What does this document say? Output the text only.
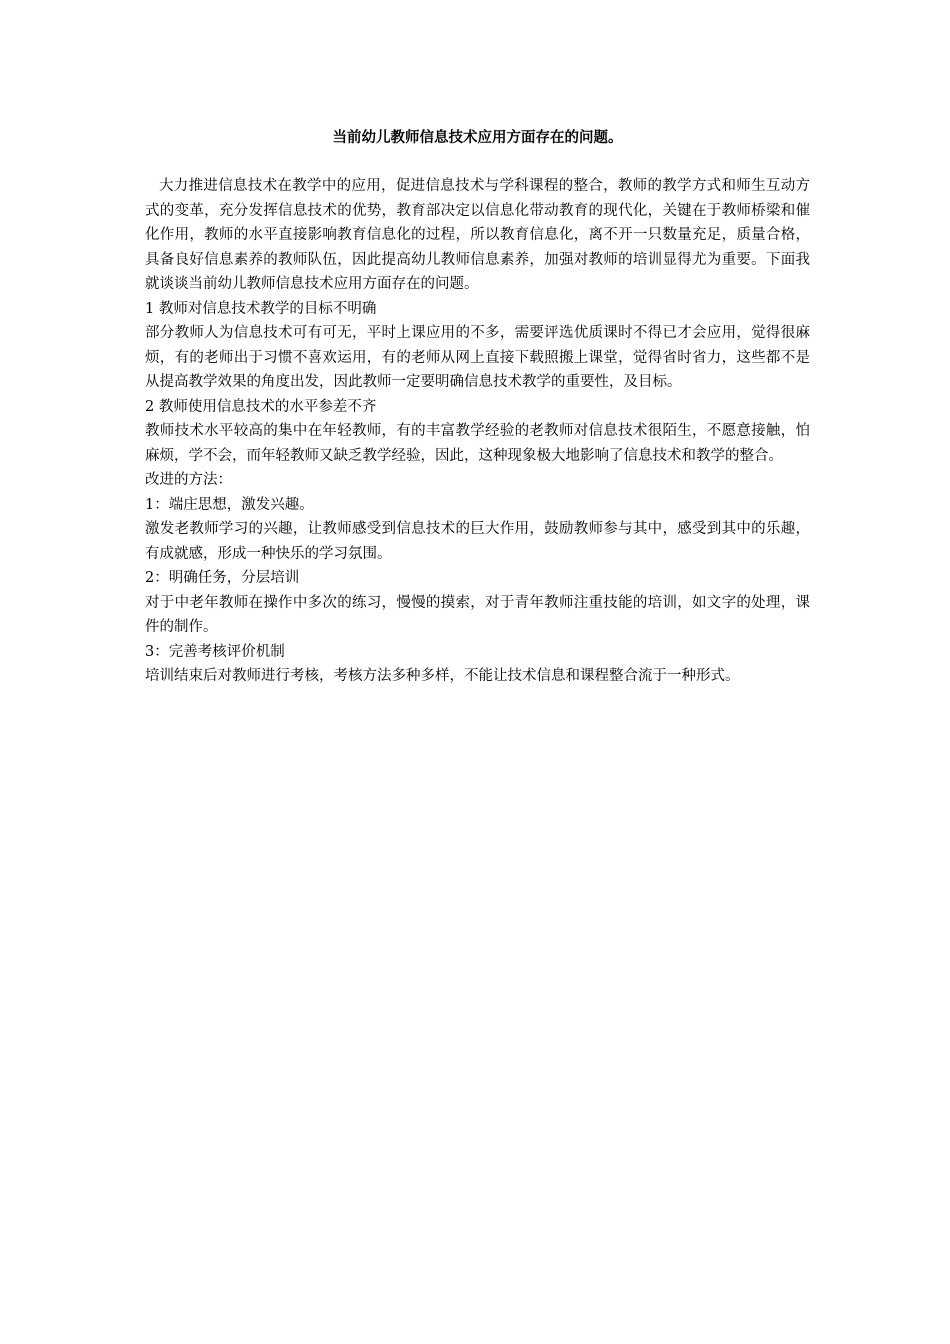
当前幼儿教师信息技术应用方面存在的问题。

大力推进信息技术在教学中的应用，促进信息技术与学科课程的整合，教师的教学方式和师生互动方式的变革，充分发挥信息技术的优势，教育部决定以信息化带动教育的现代化，关键在于教师桥梁和催化作用，教师的水平直接影响教育信息化的过程，所以教育信息化，离不开一只数量充足，质量合格，具备良好信息素养的教师队伍，因此提高幼儿教师信息素养，加强对教师的培训显得尤为重要。下面我就谈谈当前幼儿教师信息技术应用方面存在的问题。

1 教师对信息技术教学的目标不明确

部分教师人为信息技术可有可无，平时上课应用的不多，需要评选优质课时不得已才会应用，觉得很麻烦，有的老师出于习惯不喜欢运用，有的老师从网上直接下载照搬上课堂，觉得省时省力，这些都不是从提高教学效果的角度出发，因此教师一定要明确信息技术教学的重要性，及目标。

2 教师使用信息技术的水平参差不齐

教师技术水平较高的集中在年轻教师，有的丰富教学经验的老教师对信息技术很陌生，不愿意接触，怕麻烦，学不会，而年轻教师又缺乏教学经验，因此，这种现象极大地影响了信息技术和教学的整合。

改进的方法：

1：端庄思想，激发兴趣。

激发老教师学习的兴趣，让教师感受到信息技术的巨大作用，鼓励教师参与其中，感受到其中的乐趣，有成就感，形成一种快乐的学习氛围。

2：明确任务，分层培训

对于中老年教师在操作中多次的练习，慢慢的摸索，对于青年教师注重技能的培训，如文字的处理，课件的制作。

3：完善考核评价机制

培训结束后对教师进行考核，考核方法多种多样，不能让技术信息和课程整合流于一种形式。
